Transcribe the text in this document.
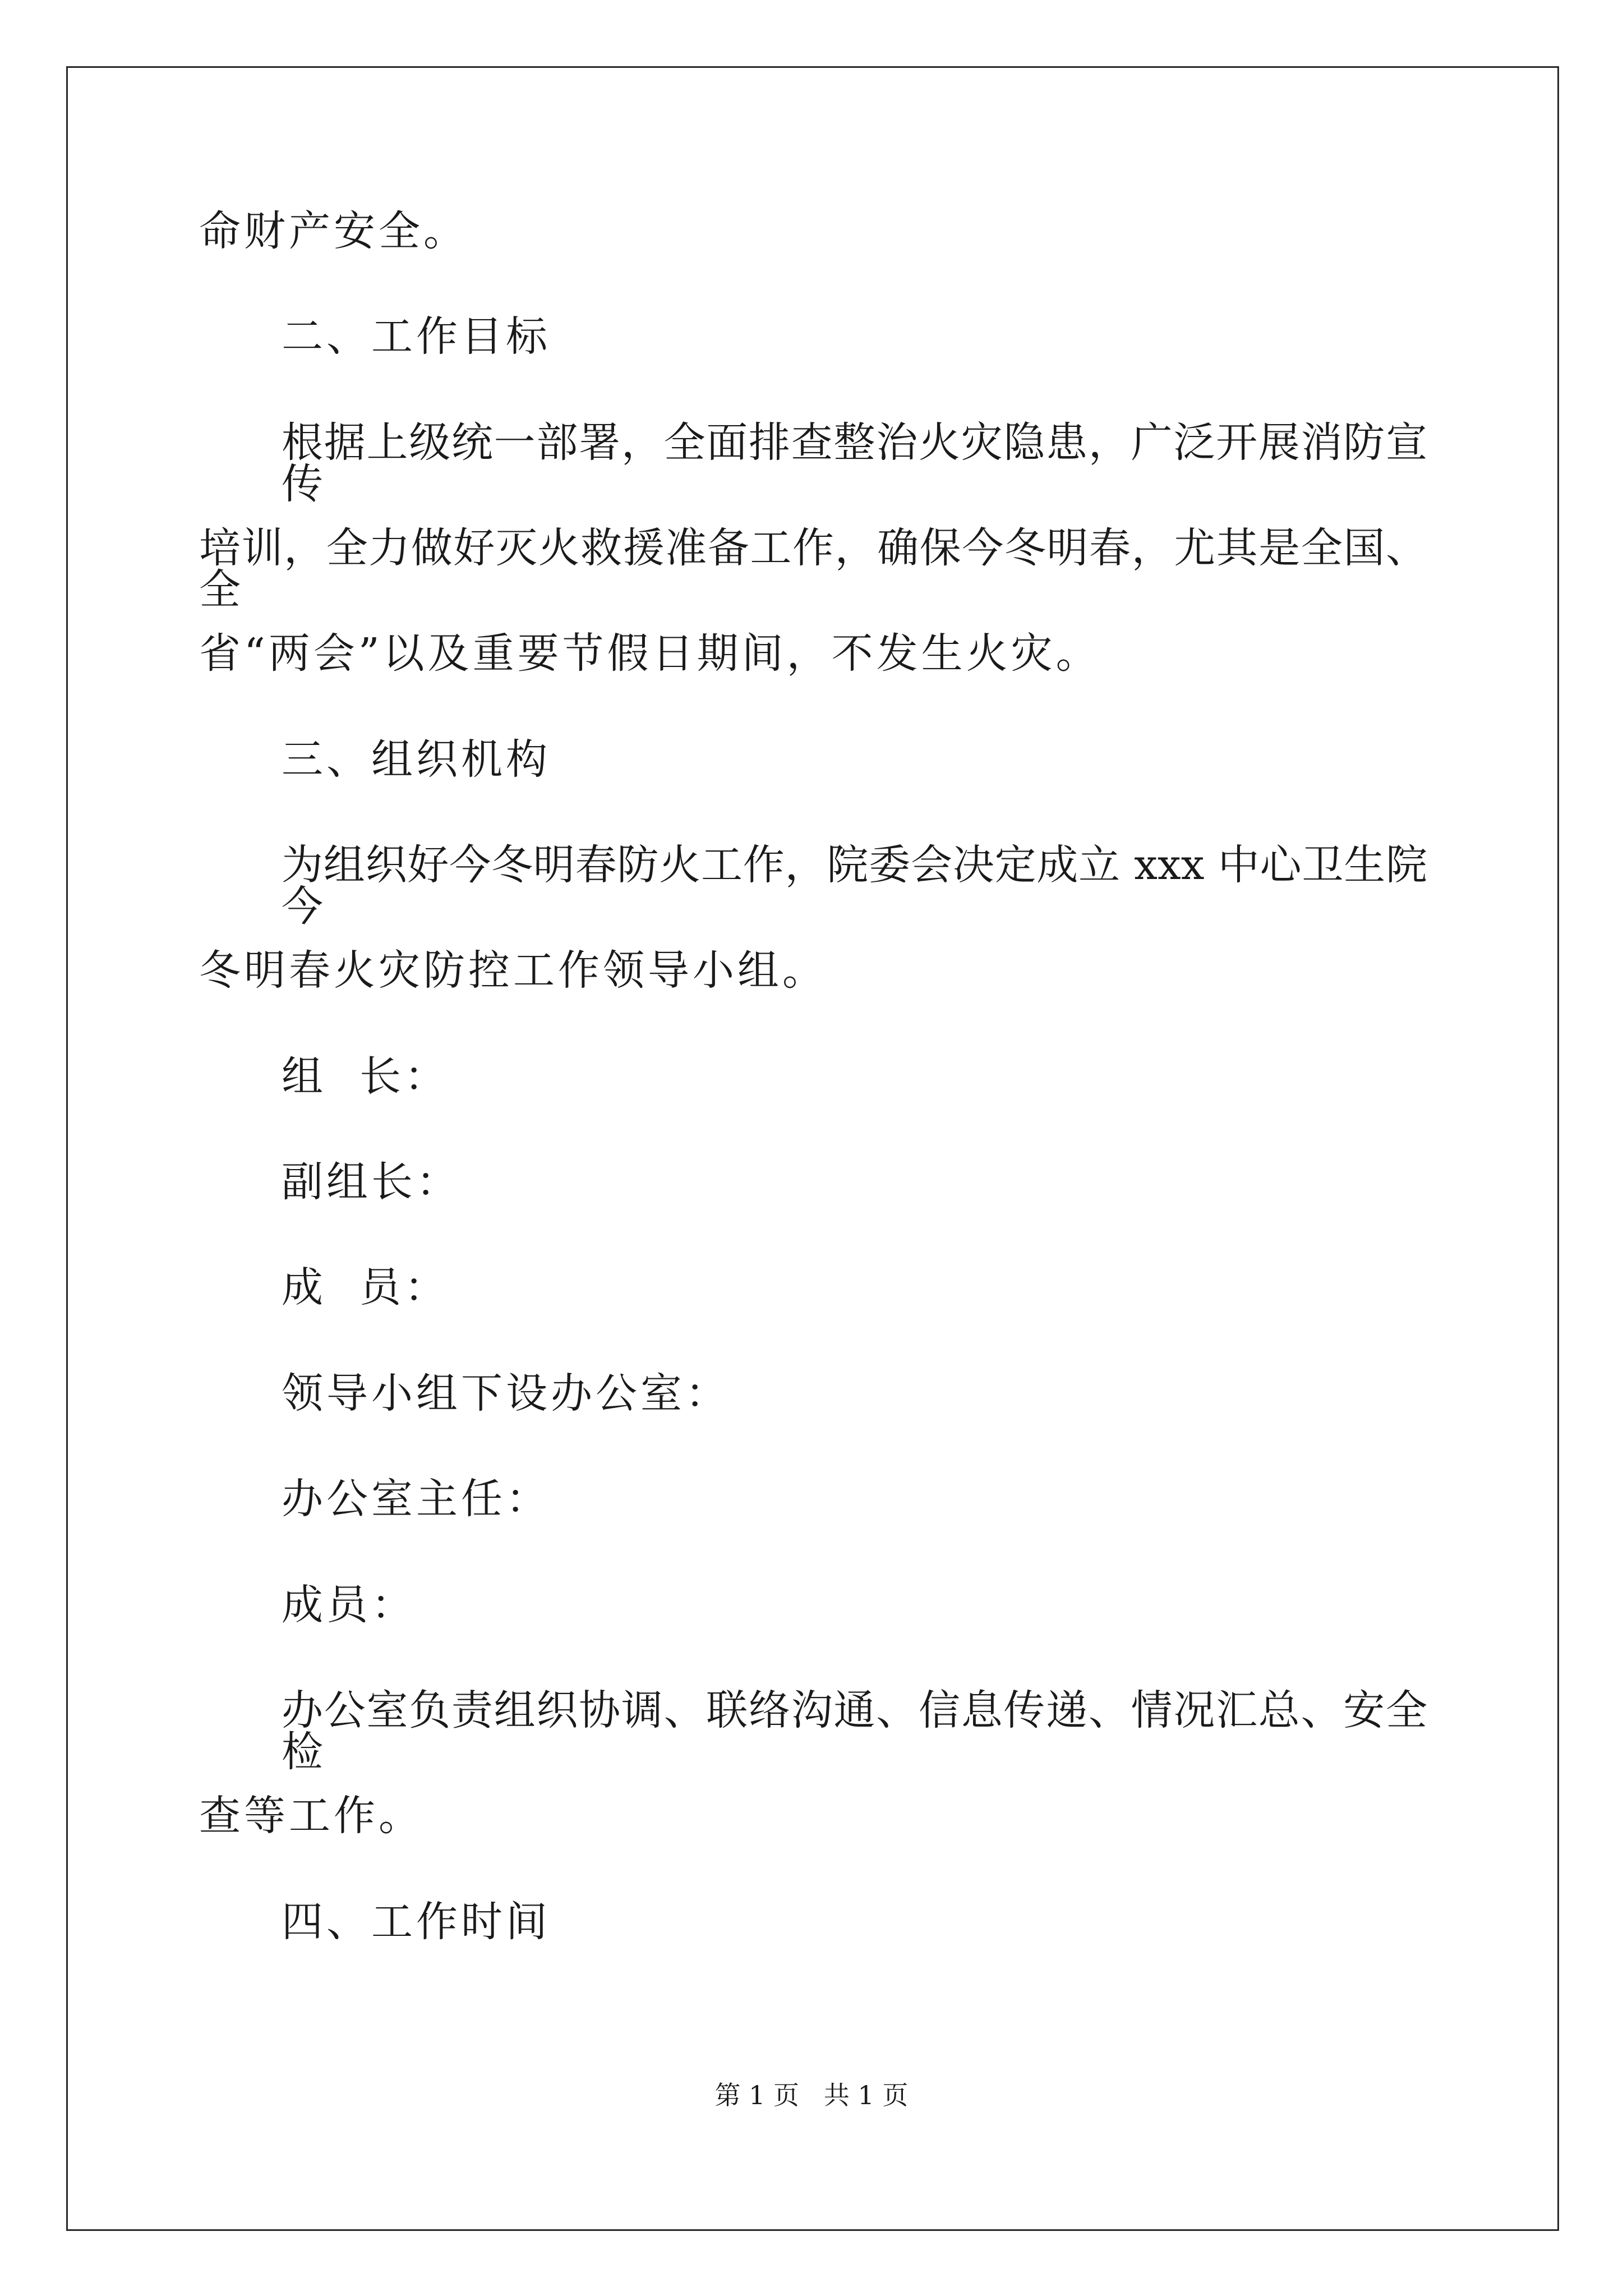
命财产安全。
二、工作目标
根据上级统一部署，全面排查整治火灾隐患，广泛开展消防宣传
培训，全力做好灭火救援准备工作，确保今冬明春，尤其是全国、全
省“两会”以及重要节假日期间，不发生火灾。
三、组织机构
为组织好今冬明春防火工作，院委会决定成立 xxx 中心卫生院今
冬明春火灾防控工作领导小组。
组  长：
副组长：
成  员：
领导小组下设办公室：
办公室主任：
成员：
办公室负责组织协调、联络沟通、信息传递、情况汇总、安全检
查等工作。
四、工作时间
第 1 页   共 1 页
